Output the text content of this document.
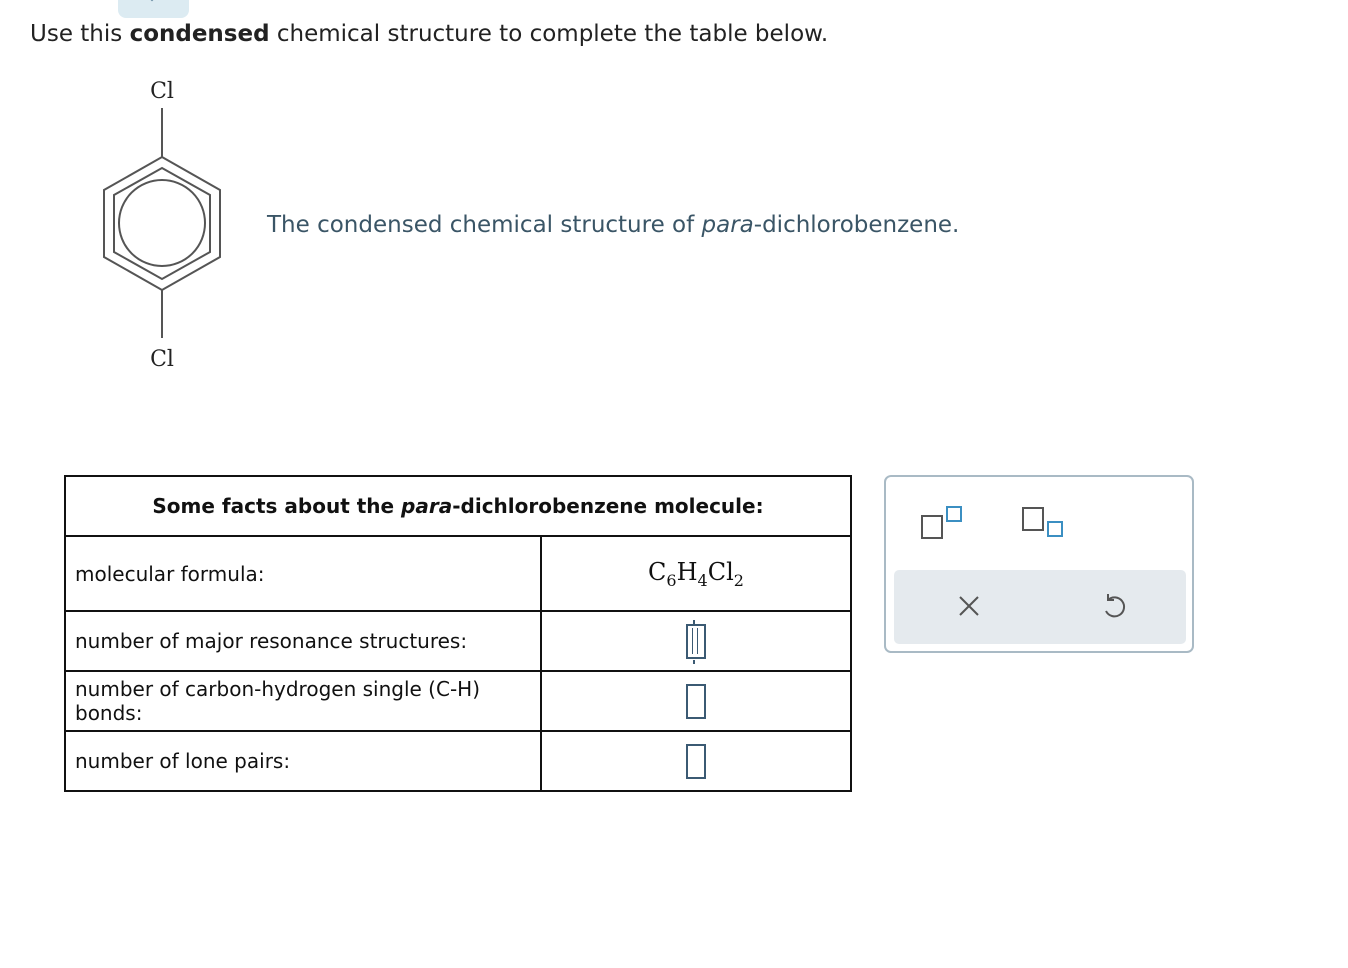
Use this condensed chemical structure to complete the table below.
Cl
Cl
The condensed chemical structure of para-dichlorobenzene.
Some facts about the para-dichlorobenzene molecule:	
molecular formula:	$C_6H_4Cl_2$
number of major resonance structures:	

number of carbon-hydrogen single (C-H) bonds:	
number of lone pairs:	
